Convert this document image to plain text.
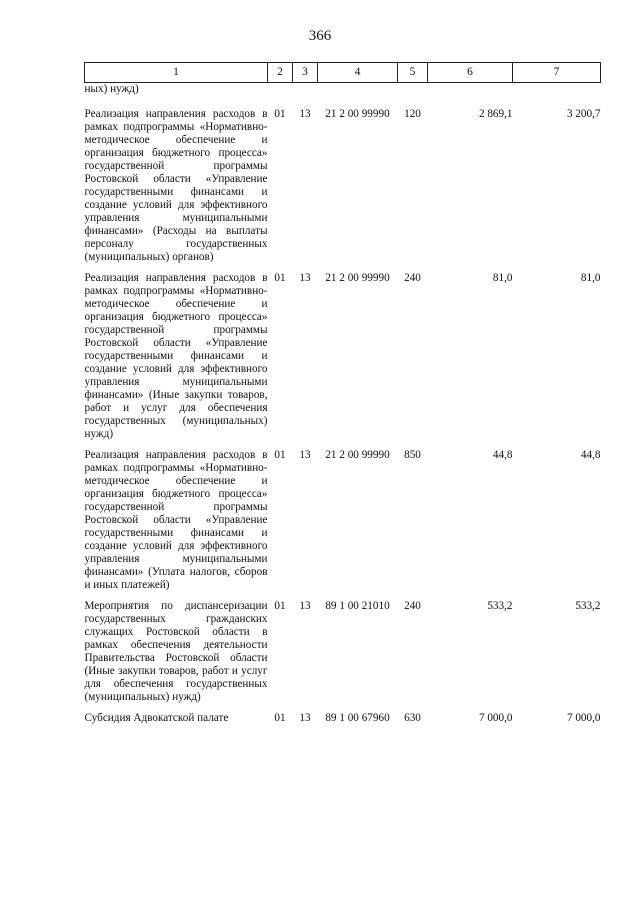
366
1	2	3	4	5	6	7
ных) нужд)						
Реализация направления расходов в рамках подпрограммы «Нормативно-методическое обеспечение и организация бюджетного процесса» государственной программы Ростовской области «Управление государственными финансами и создание условий для эффективного управления муниципальными финансами» (Расходы на выплаты персоналу государственных (муниципальных) органов)	01	13	21 2 00 99990	120	2 869,1	3 200,7
Реализация направления расходов в рамках подпрограммы «Нормативно-методическое обеспечение и организация бюджетного процесса» государственной программы Ростовской области «Управление государственными финансами и создание условий для эффективного управления муниципальными финансами» (Иные закупки товаров, работ и услуг для обеспечения государственных (муниципальных) нужд)	01	13	21 2 00 99990	240	81,0	81,0
Реализация направления расходов в рамках подпрограммы «Нормативно-методическое обеспечение и организация бюджетного процесса» государственной программы Ростовской области «Управление государственными финансами и создание условий для эффективного управления муниципальными финансами» (Уплата налогов, сборов и иных платежей)	01	13	21 2 00 99990	850	44,8	44,8
Мероприятия по диспансеризации государственных гражданских служащих Ростовской области в рамках обеспечения деятельности Правительства Ростовской области (Иные закупки товаров, работ и услуг для обеспечения государственных (муниципальных) нужд)	01	13	89 1 00 21010	240	533,2	533,2
Субсидия Адвокатской палате	01	13	89 1 00 67960	630	7 000,0	7 000,0
